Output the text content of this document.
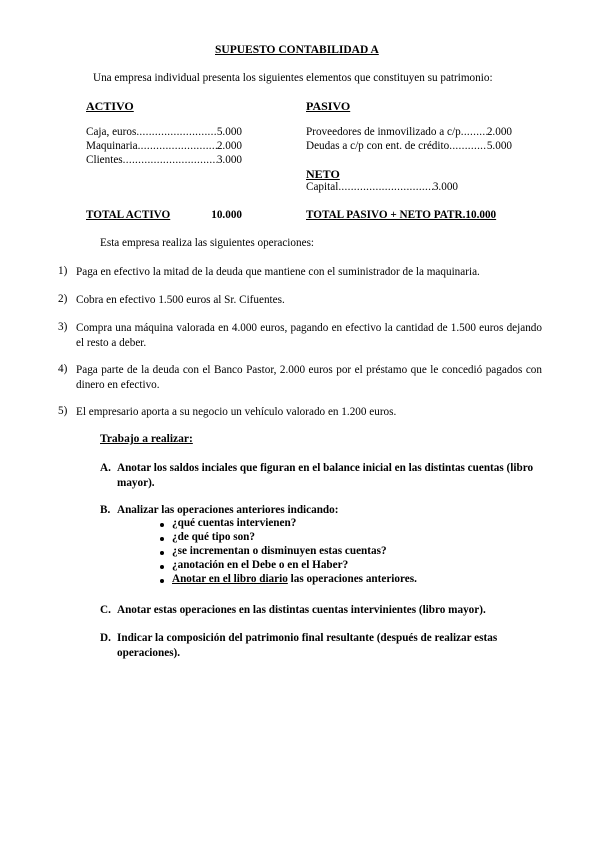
SUPUESTO CONTABILIDAD A
Una empresa individual presenta los siguientes elementos que constituyen su patrimonio:
ACTIVO
Caja, euros .....	5.000
Maquinaria .....	2.000
Clientes .....	3.000
PASIVO
Proveedores de inmovilizado a c/p ..... 2.000
Deudas a c/p con ent. de crédito .....	5.000
NETO
Capital .....	3.000
TOTAL ACTIVO	10.000	TOTAL PASIVO + NETO PATR.10.000
Esta empresa realiza las siguientes operaciones:
1) Paga en efectivo la mitad de la deuda que mantiene con el suministrador de la maquinaria.
2) Cobra en efectivo 1.500 euros al Sr. Cifuentes.
3) Compra una máquina valorada en 4.000 euros, pagando en efectivo la cantidad de 1.500 euros dejando el resto a deber.
4) Paga parte de la deuda con el Banco Pastor, 2.000 euros por el préstamo que le concedió pagados con dinero en efectivo.
5) El empresario aporta a su negocio un vehículo valorado en 1.200 euros.
Trabajo a realizar:
A. Anotar los saldos inciales que figuran en el balance inicial en las distintas cuentas (libro mayor).
B. Analizar las operaciones anteriores indicando:
¿qué cuentas intervienen?
¿de qué tipo son?
¿se incrementan o disminuyen estas cuentas?
¿anotación en el Debe o en el Haber?
Anotar en el libro diario las operaciones anteriores.
C. Anotar estas operaciones en las distintas cuentas intervinientes (libro mayor).
D. Indicar la composición del patrimonio final resultante (después de realizar estas operaciones).
